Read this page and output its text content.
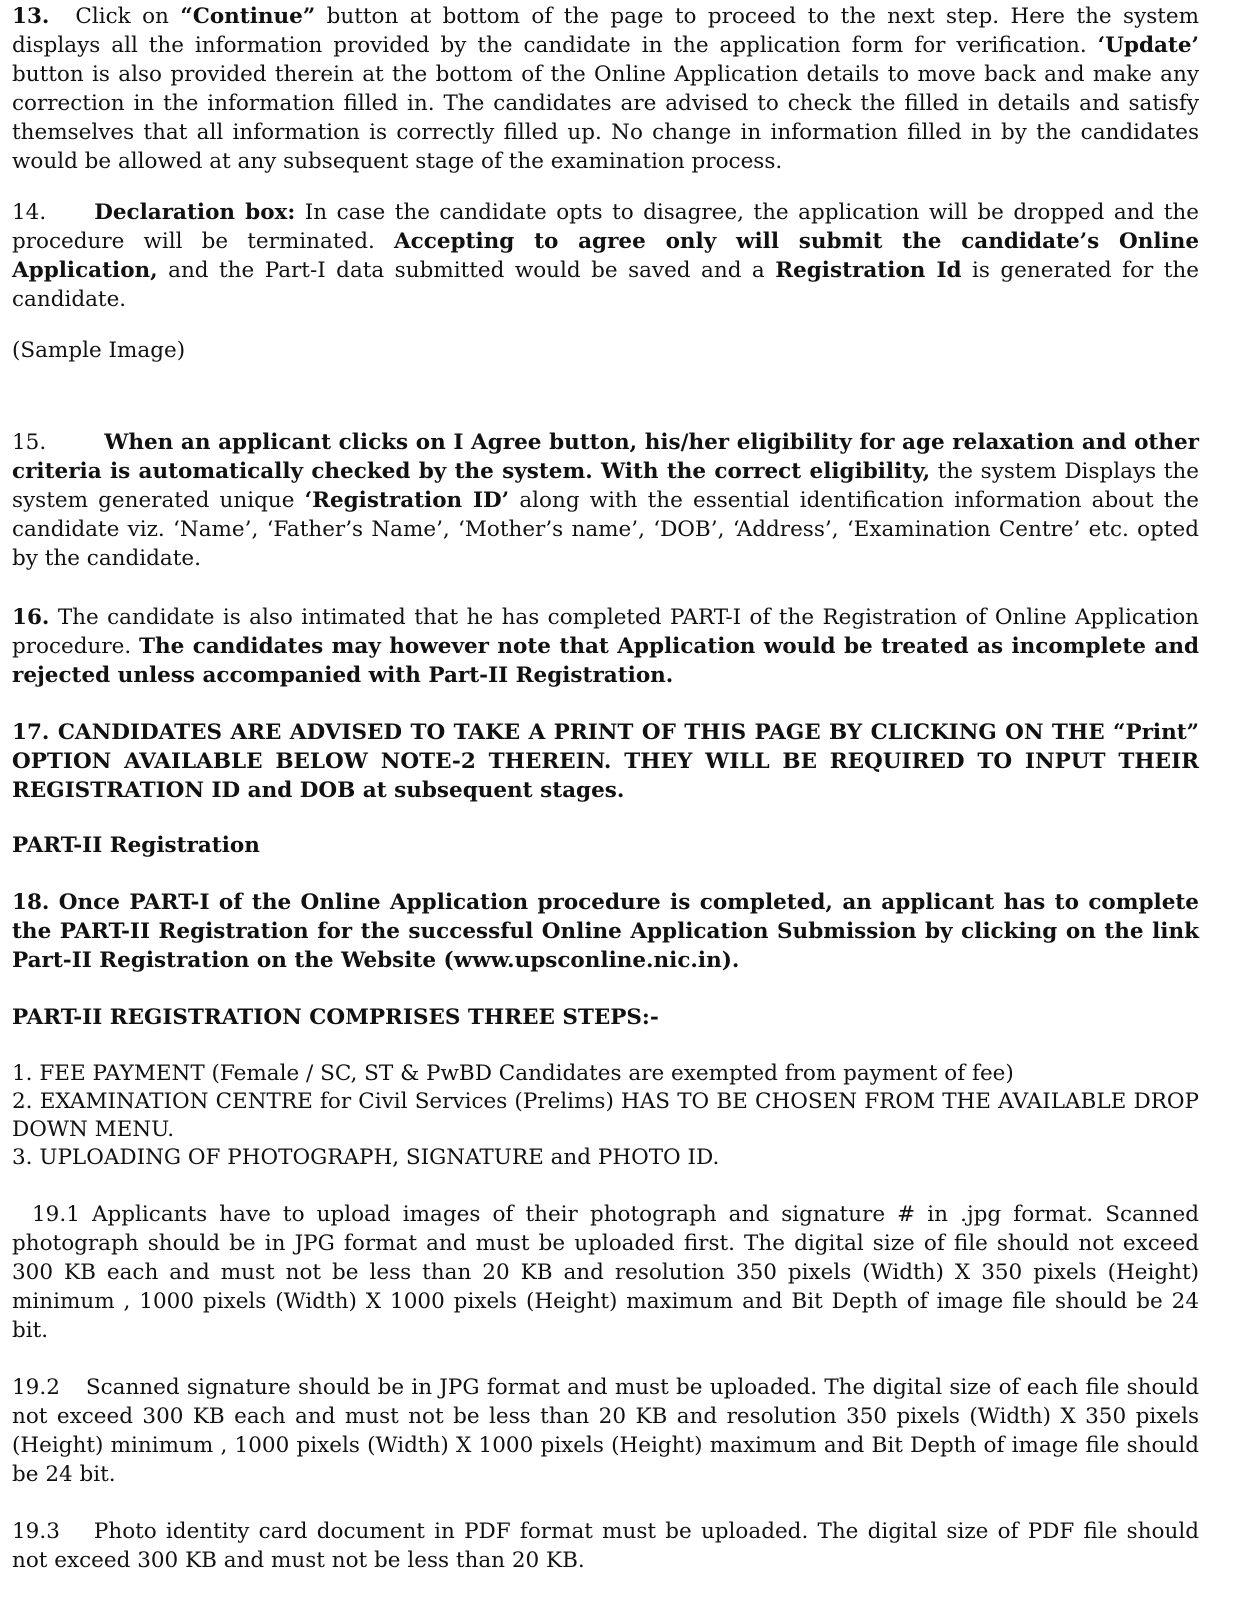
13. Click on “Continue” button at bottom of the page to proceed to the next step. Here the system displays all the information provided by the candidate in the application form for verification. ‘Update’ button is also provided therein at the bottom of the Online Application details to move back and make any correction in the information filled in. The candidates are advised to check the filled in details and satisfy themselves that all information is correctly filled up. No change in information filled in by the candidates would be allowed at any subsequent stage of the examination process.

14. Declaration box: In case the candidate opts to disagree, the application will be dropped and the procedure will be terminated. Accepting to agree only will submit the candidate’s Online Application, and the Part-I data submitted would be saved and a Registration Id is generated for the candidate.

(Sample Image)

15.	When an applicant clicks on I Agree button, his/her eligibility for age relaxation and other criteria is automatically checked by the system. With the correct eligibility, the system Displays the system generated unique ‘Registration ID’ along with the essential identification information about the candidate viz. ‘Name’, ‘Father’s Name’, ‘Mother’s name’, ‘DOB’, ‘Address’, ‘Examination Centre’ etc. opted by the candidate.

16. The candidate is also intimated that he has completed PART-I of the Registration of Online Application procedure. The candidates may however note that Application would be treated as incomplete and rejected unless accompanied with Part-II Registration.

17. CANDIDATES ARE ADVISED TO TAKE A PRINT OF THIS PAGE BY CLICKING ON THE “Print” OPTION AVAILABLE BELOW NOTE-2 THEREIN. THEY WILL BE REQUIRED TO INPUT THEIR REGISTRATION ID and DOB at subsequent stages.

PART-II Registration

18. Once PART-I of the Online Application procedure is completed, an applicant has to complete the PART-II Registration for the successful Online Application Submission by clicking on the link Part-II Registration on the Website (www.upsconline.nic.in).

PART-II REGISTRATION COMPRISES THREE STEPS:-

1. FEE PAYMENT (Female / SC, ST & PwBD Candidates are exempted from payment of fee)

2. EXAMINATION CENTRE for Civil Services (Prelims) HAS TO BE CHOSEN FROM THE AVAILABLE DROP DOWN MENU.

3. UPLOADING OF PHOTOGRAPH, SIGNATURE and PHOTO ID.

19.1 Applicants have to upload images of their photograph and signature # in .jpg format. Scanned photograph should be in JPG format and must be uploaded first. The digital size of file should not exceed 300 KB each and must not be less than 20 KB and resolution 350 pixels (Width) X 350 pixels (Height) minimum , 1000 pixels (Width) X 1000 pixels (Height) maximum and Bit Depth of image file should be 24 bit.

19.2 Scanned signature should be in JPG format and must be uploaded. The digital size of each file should not exceed 300 KB each and must not be less than 20 KB and resolution 350 pixels (Width) X 350 pixels (Height) minimum , 1000 pixels (Width) X 1000 pixels (Height) maximum and Bit Depth of image file should be 24 bit.

19.3 Photo identity card document in PDF format must be uploaded. The digital size of PDF file should not exceed 300 KB and must not be less than 20 KB.
